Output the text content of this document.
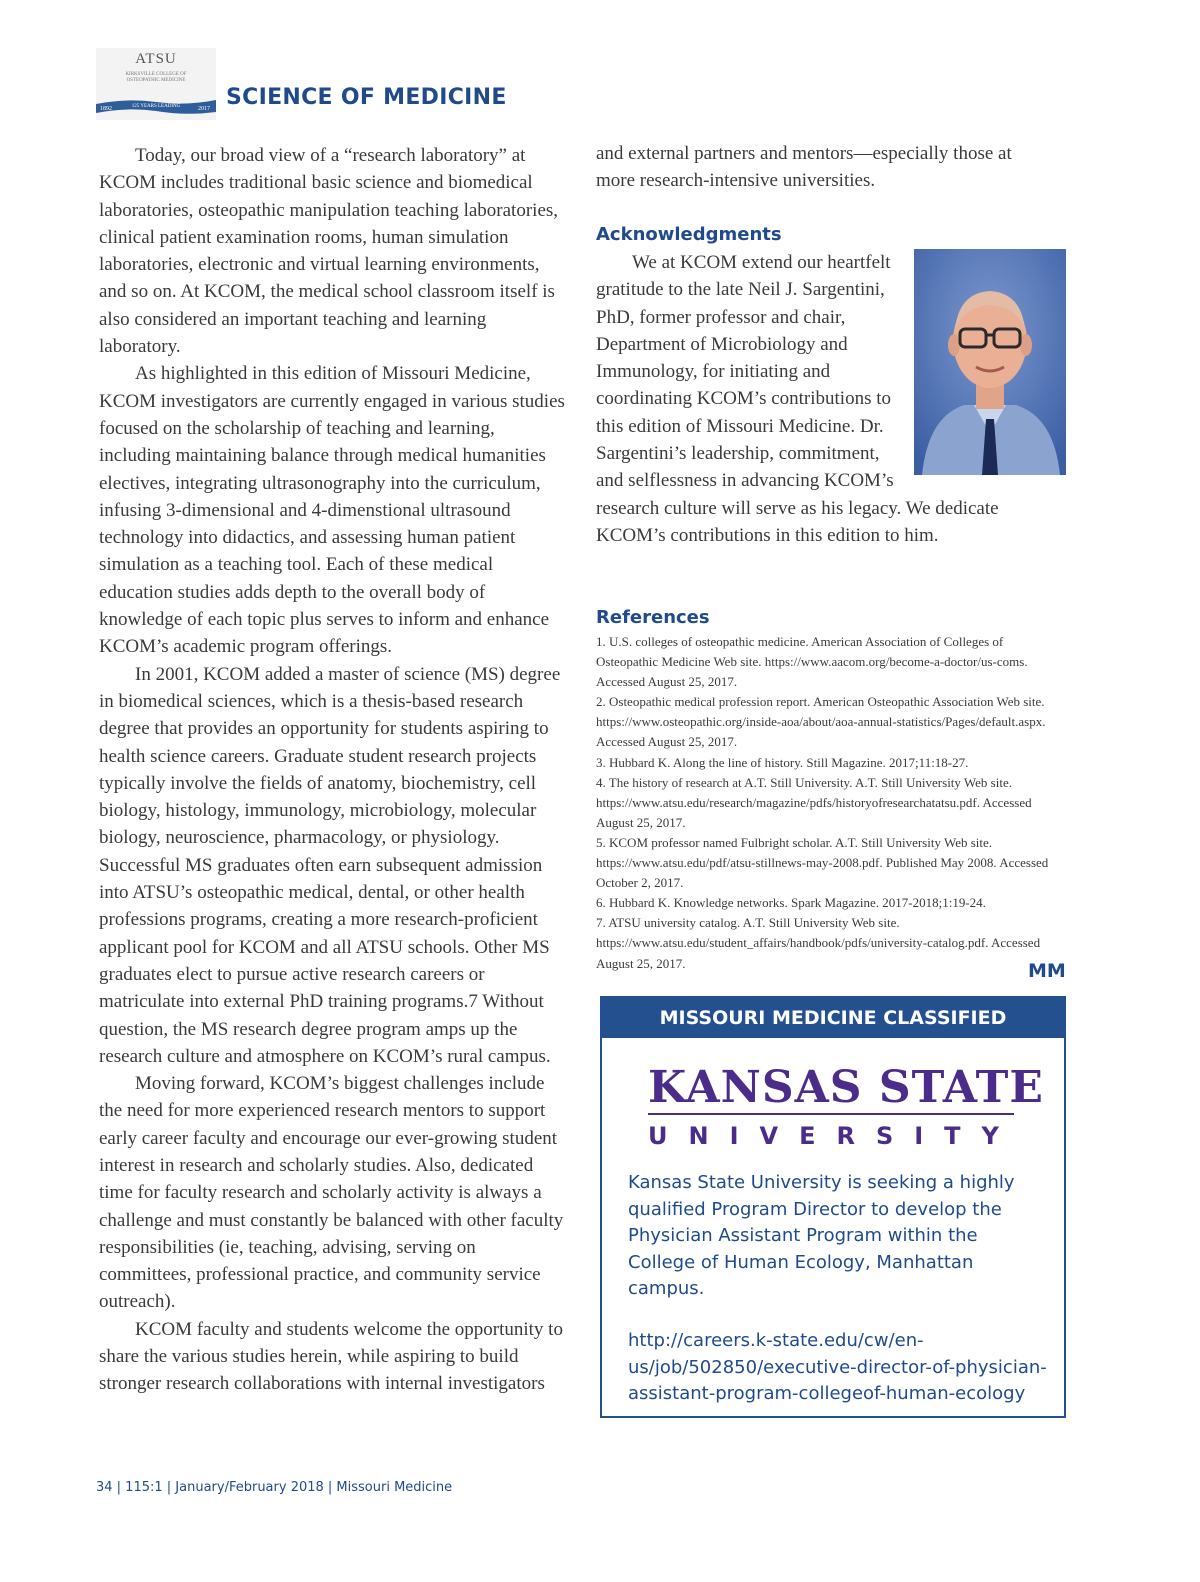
ATSU
KIRKSVILLE COLLEGE OF OSTEOPATHIC MEDICINE
125 YEARS LEADING
1892	2017 SCIENCE OF MEDICINE

Today, our broad view of a “research laboratory” at KCOM includes traditional basic science and biomedical laboratories, osteopathic manipulation teaching laboratories, clinical patient examination rooms, human simulation laboratories, electronic and virtual learning environments, and so on. At KCOM, the medical school classroom itself is also considered an important teaching and learning laboratory.

As highlighted in this edition of Missouri Medicine, KCOM investigators are currently engaged in various studies focused on the scholarship of teaching and learning, including maintaining balance through medical humanities electives, integrating ultrasonography into the curriculum, infusing 3-dimensional and 4-dimenstional ultrasound technology into didactics, and assessing human patient simulation as a teaching tool. Each of these medical education studies adds depth to the overall body of knowledge of each topic plus serves to inform and enhance KCOM’s academic program offerings.

In 2001, KCOM added a master of science (MS) degree in biomedical sciences, which is a thesis-based research degree that provides an opportunity for students aspiring to health science careers. Graduate student research projects typically involve the fields of anatomy, biochemistry, cell biology, histology, immunology, microbiology, molecular biology, neuroscience, pharmacology, or physiology. Successful MS graduates often earn subsequent admission into ATSU’s osteopathic medical, dental, or other health professions programs, creating a more research-proficient applicant pool for KCOM and all ATSU schools. Other MS graduates elect to pursue active research careers or matriculate into external PhD training programs.7 Without question, the MS research degree program amps up the research culture and atmosphere on KCOM’s rural campus.

Moving forward, KCOM’s biggest challenges include the need for more experienced research mentors to support early career faculty and encourage our ever-growing student interest in research and scholarly studies. Also, dedicated time for faculty research and scholarly activity is always a challenge and must constantly be balanced with other faculty responsibilities (ie, teaching, advising, serving on committees, professional practice, and community service outreach).

KCOM faculty and students welcome the opportunity to share the various studies herein, while aspiring to build stronger research collaborations with internal investigators

and external partners and mentors—especially those at more research-intensive universities.

Acknowledgments

We at KCOM extend our heartfelt gratitude to the late Neil J. Sargentini, PhD, former professor and chair, Department of Microbiology and Immunology, for initiating and coordinating KCOM’s contributions to this edition of Missouri Medicine. Dr. Sargentini’s leadership, commitment, and selflessness in advancing KCOM’s research culture will serve as his legacy. We dedicate KCOM’s contributions in this edition to him.

References
1. U.S. colleges of osteopathic medicine. American Association of Colleges of Osteopathic Medicine Web site. https://www.aacom.org/become-a-doctor/us-coms. Accessed August 25, 2017.
2. Osteopathic medical profession report. American Osteopathic Association Web site. https://www.osteopathic.org/inside-aoa/about/aoa-annual-statistics/Pages/default.aspx. Accessed August 25, 2017.
3. Hubbard K. Along the line of history. Still Magazine. 2017;11:18-27.
4. The history of research at A.T. Still University. A.T. Still University Web site. https://www.atsu.edu/research/magazine/pdfs/historyofresearchatatsu.pdf. Accessed August 25, 2017.
5. KCOM professor named Fulbright scholar. A.T. Still University Web site. https://www.atsu.edu/pdf/atsu-stillnews-may-2008.pdf. Published May 2008. Accessed October 2, 2017.
6. Hubbard K. Knowledge networks. Spark Magazine. 2017-2018;1:19-24.
7. ATSU university catalog. A.T. Still University Web site. https://www.atsu.edu/student_affairs/handbook/pdfs/university-catalog.pdf. Accessed August 25, 2017.	MM
MISSOURI MEDICINE CLASSIFIED
KANSAS STATE
UNIVERSITY

Kansas State University is seeking a highly qualified Program Director to develop the Physician Assistant Program within the College of Human Ecology, Manhattan campus.

http://careers.k-state.edu/cw/en-us/job/502850/executive-director-of-physician-assistant-program-collegeof-human-ecology

34 | 115:1 | January/February 2018 | Missouri Medicine
